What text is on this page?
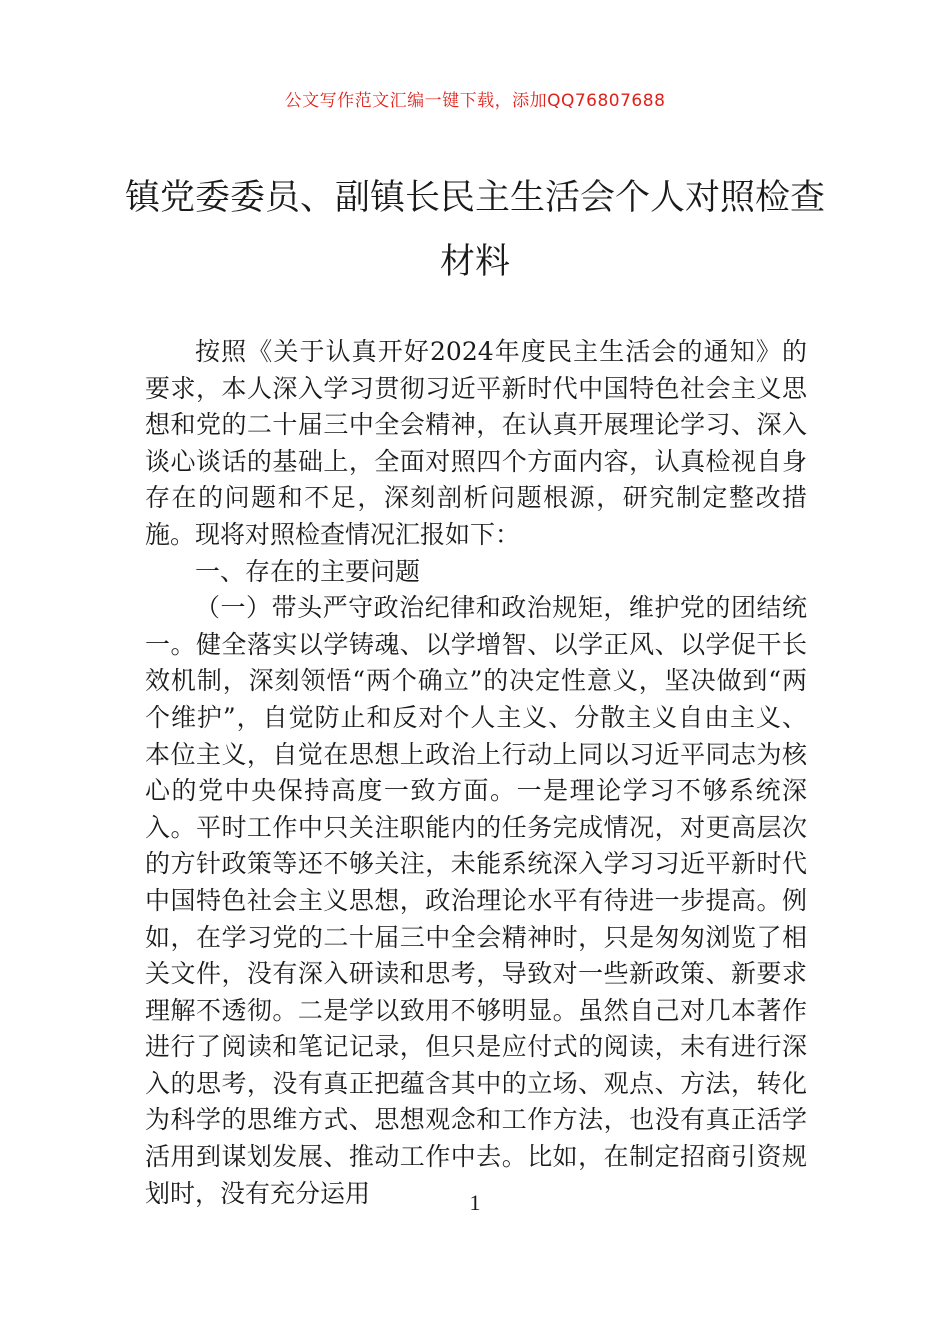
公文写作范文汇编一键下载，添加QQ76807688
镇党委委员、副镇长民主生活会个人对照检查材料

按照《关于认真开好2024年度民主生活会的通知》的要求，本人深入学习贯彻习近平新时代中国特色社会主义思想和党的二十届三中全会精神，在认真开展理论学习、深入谈心谈话的基础上，全面对照四个方面内容，认真检视自身存在的问题和不足，深刻剖析问题根源，研究制定整改措施。现将对照检查情况汇报如下：

一、存在的主要问题

（一）带头严守政治纪律和政治规矩，维护党的团结统一。健全落实以学铸魂、以学增智、以学正风、以学促干长效机制，深刻领悟“两个确立”的决定性意义，坚决做到“两个维护”，自觉防止和反对个人主义、分散主义自由主义、本位主义，自觉在思想上政治上行动上同以习近平同志为核心的党中央保持高度一致方面。一是理论学习不够系统深入。平时工作中只关注职能内的任务完成情况，对更高层次的方针政策等还不够关注，未能系统深入学习习近平新时代中国特色社会主义思想，政治理论水平有待进一步提高。例如，在学习党的二十届三中全会精神时，只是匆匆浏览了相关文件，没有深入研读和思考，导致对一些新政策、新要求理解不透彻。二是学以致用不够明显。虽然自己对几本著作进行了阅读和笔记记录，但只是应付式的阅读，未有进行深入的思考，没有真正把蕴含其中的立场、观点、方法，转化为科学的思维方式、思想观念和工作方法，也没有真正活学活用到谋划发展、推动工作中去。比如，在制定招商引资规划时，没有充分运用	1
